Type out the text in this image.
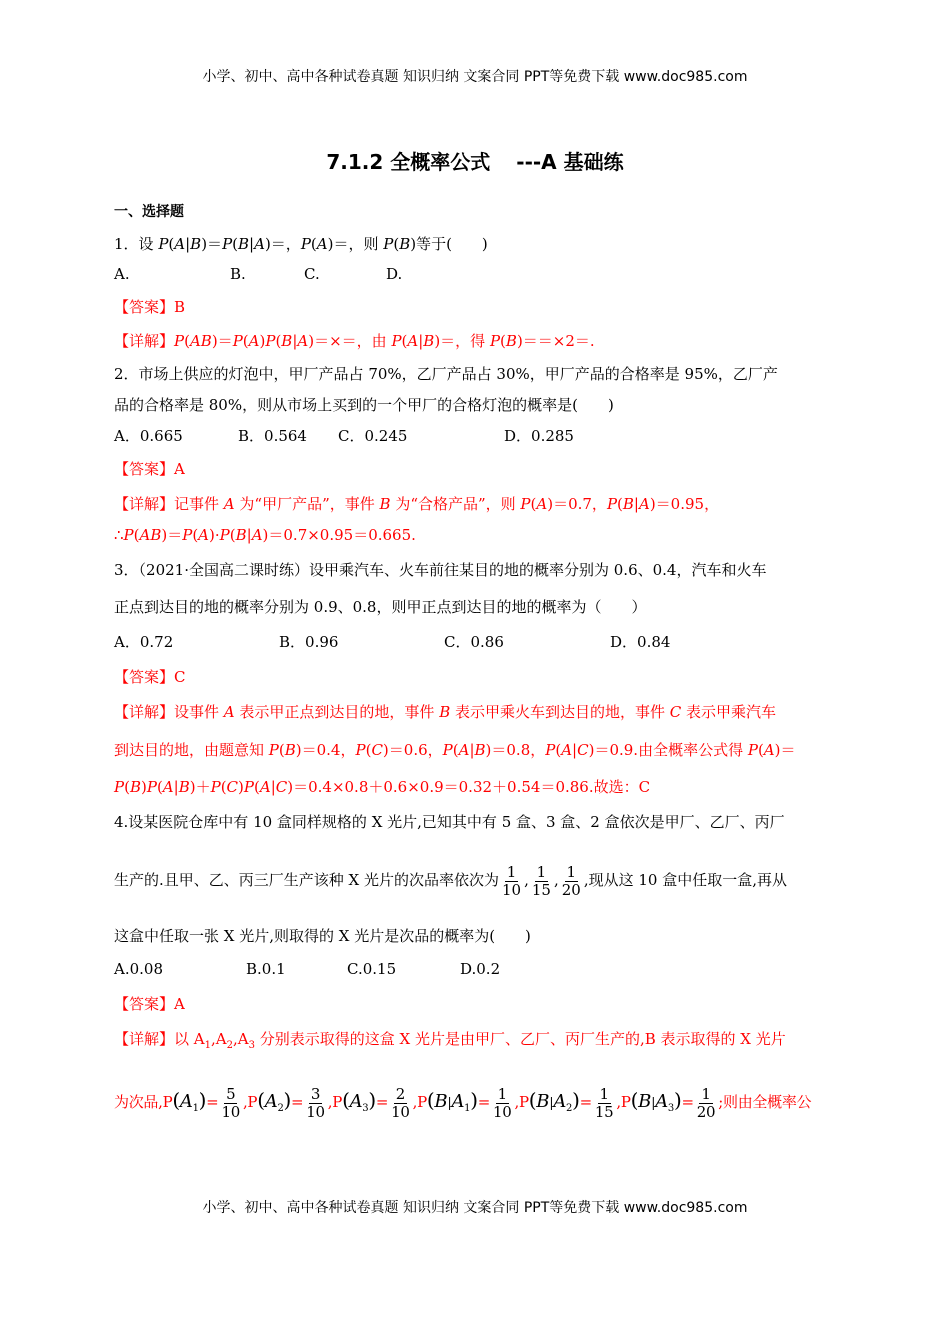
小学、初中、高中各种试卷真题 知识归纳 文案合同 PPT等免费下载 www.doc985.com
7.1.2 全概率公式 ---A 基础练
一、选择题
1．设 P(A|B)＝P(B|A)＝，P(A)＝，则 P(B)等于(　　)
A.	B.	C.	D.
【答案】B
【详解】P(AB)＝P(A)P(B|A)＝×＝，由 P(A|B)＝，得 P(B)＝＝×2＝.
2．市场上供应的灯泡中，甲厂产品占 70%，乙厂产品占 30%，甲厂产品的合格率是 95%，乙厂产
品的合格率是 80%，则从市场上买到的一个甲厂的合格灯泡的概率是(　　)
A．0.665	B．0.564 C．0.245	D．0.285
【答案】A
【详解】记事件 A 为“甲厂产品”，事件 B 为“合格产品”，则 P(A)＝0.7，P(B|A)＝0.95，
∴P(AB)＝P(A)·P(B|A)＝0.7×0.95＝0.665.
3．（2021·全国高二课时练）设甲乘汽车、火车前往某目的地的概率分别为 0.6、0.4，汽车和火车
正点到达目的地的概率分别为 0.9、0.8，则甲正点到达目的地的概率为（　　）
A．0.72	B．0.96	C．0.86	D．0.84
【答案】C
【详解】设事件 A 表示甲正点到达目的地，事件 B 表示甲乘火车到达目的地，事件 C 表示甲乘汽车
到达目的地，由题意知 P(B)＝0.4，P(C)＝0.6，P(A|B)＝0.8，P(A|C)＝0.9.由全概率公式得 P(A)＝
P(B)P(A|B)＋P(C)P(A|C)＝0.4×0.8＋0.6×0.9＝0.32＋0.54＝0.86.故选：C
4.设某医院仓库中有 10 盒同样规格的 X 光片,已知其中有 5 盒、3 盒、2 盒依次是甲厂、乙厂、丙厂
生产的.且甲、乙、丙三厂生产该种 X 光片的次品率依次为 $\frac{1}{10}$ , $\frac{1}{15}$ , $\frac{1}{20}$ ,现从这 10 盒中任取一盒,再从
这盒中任取一张 X 光片,则取得的 X 光片是次品的概率为(　　)
A.0.08	B.0.1	C.0.15	D.0.2
【答案】A
【详解】以 $A_1,A_2,A_3$ 分别表示取得的这盒 X 光片是由甲厂、乙厂、丙厂生产的,B 表示取得的 X 光片
为次品$,P(A_1)= \frac{5}{10} ,P(A_2)= \frac{3}{10} ,P(A_3)= \frac{2}{10} ,P(B|A_1)= \frac{1}{10} ,P(B|A_2)= \frac{1}{15} ,P(B|A_3)= \frac{1}{20}$ ;则由全概率公
小学、初中、高中各种试卷真题 知识归纳 文案合同 PPT等免费下载 www.doc985.com
